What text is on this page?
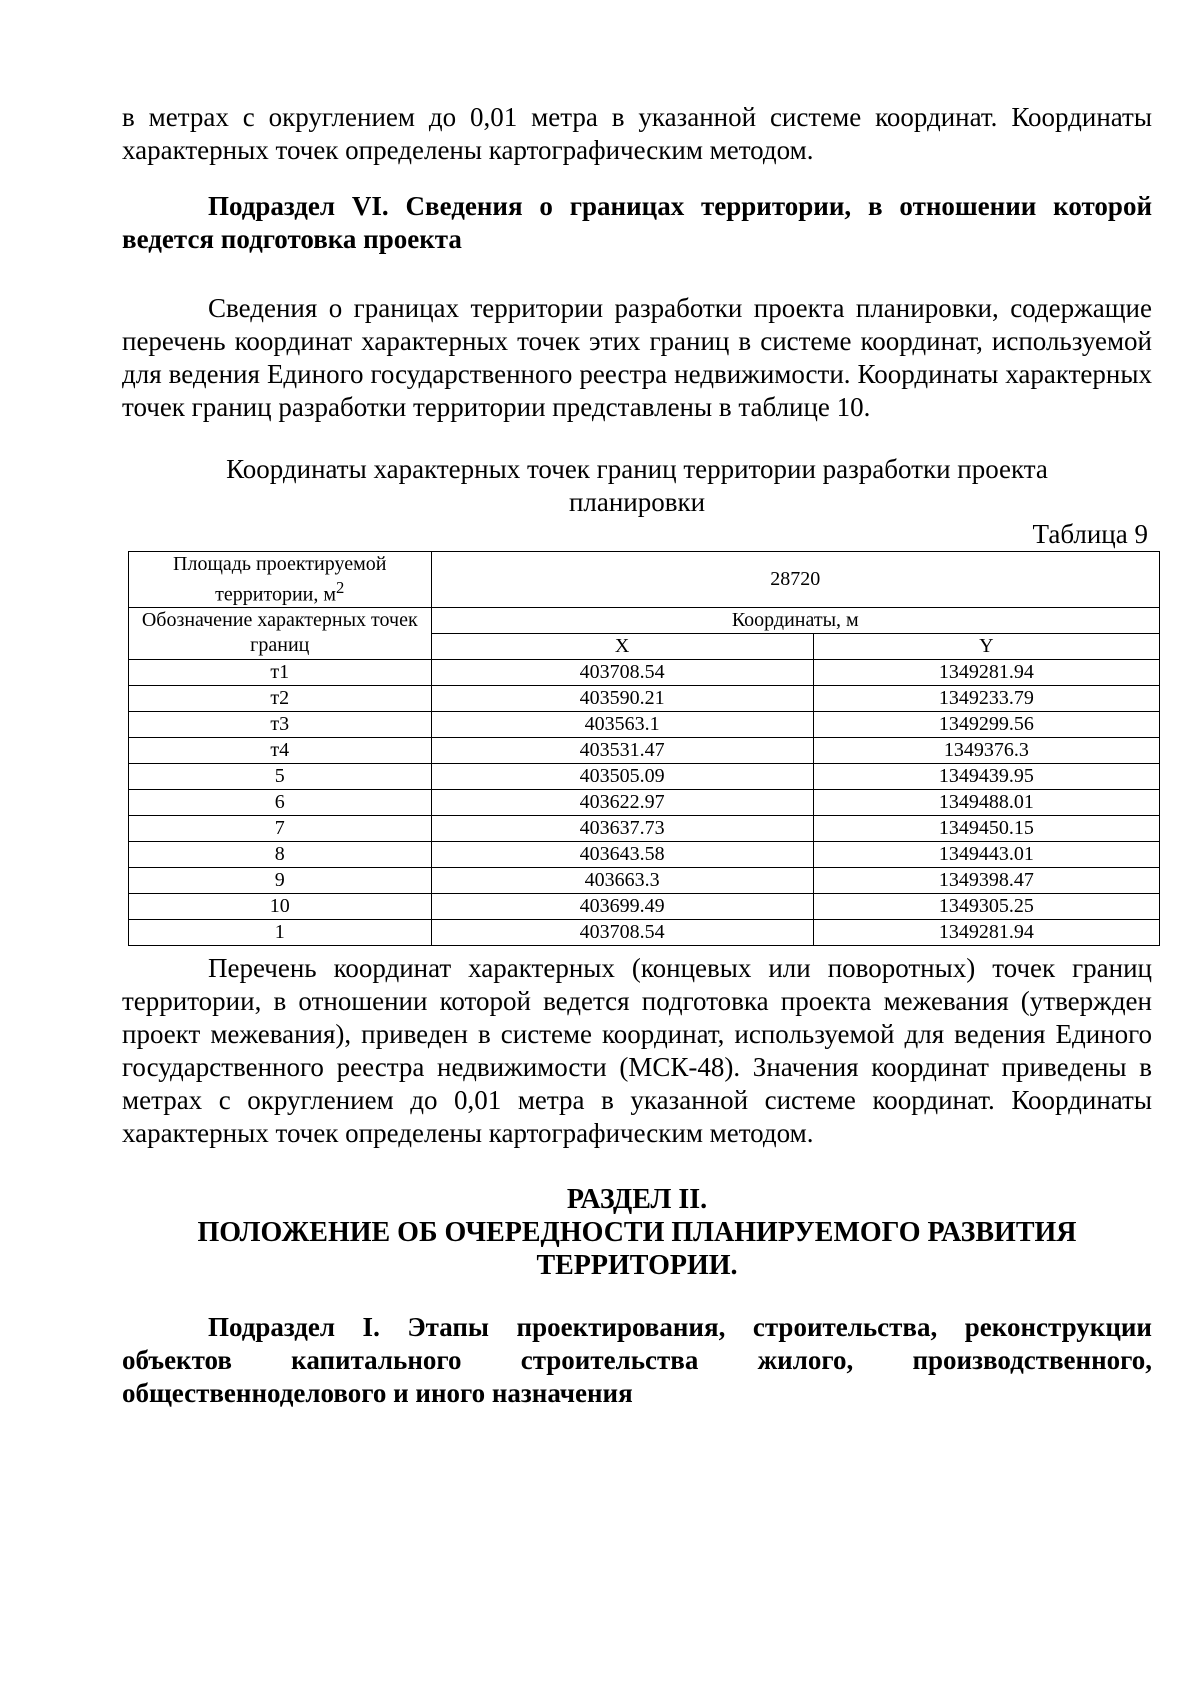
в метрах с округлением до 0,01 метра в указанной системе координат. Координаты характерных точек определены картографическим методом.

Подраздел VI. Сведения о границах территории, в отношении которой ведется подготовка проекта

Сведения о границах территории разработки проекта планировки, содержащие перечень координат характерных точек этих границ в системе координат, используемой для ведения Единого государственного реестра недвижимости. Координаты характерных точек границ разработки территории представлены в таблице 10.

Координаты характерных точек границ территории разработки проекта планировки
Таблица 9
Площадь проектируемой территории, $м^2$	28720	
Обозначение характерных точек границ	Координаты, м	
	X	Y
т1	403708.54	1349281.94
т2	403590.21	1349233.79
т3	403563.1	1349299.56
т4	403531.47	1349376.3
5	403505.09	1349439.95
6	403622.97	1349488.01
7	403637.73	1349450.15
8	403643.58	1349443.01
9	403663.3	1349398.47
10	403699.49	1349305.25
1	403708.54	1349281.94

Перечень координат характерных (концевых или поворотных) точек границ территории, в отношении которой ведется подготовка проекта межевания (утвержден проект межевания), приведен в системе координат, используемой для ведения Единого государственного реестра недвижимости (МСК-48). Значения координат приведены в метрах с округлением до 0,01 метра в указанной системе координат. Координаты характерных точек определены картографическим методом.

РАЗДЕЛ II.
ПОЛОЖЕНИЕ ОБ ОЧЕРЕДНОСТИ ПЛАНИРУЕМОГО РАЗВИТИЯ ТЕРРИТОРИИ.

Подраздел I. Этапы проектирования, строительства, реконструкции объектов капитального строительства жилого, производственного, общественноделового и иного назначения
